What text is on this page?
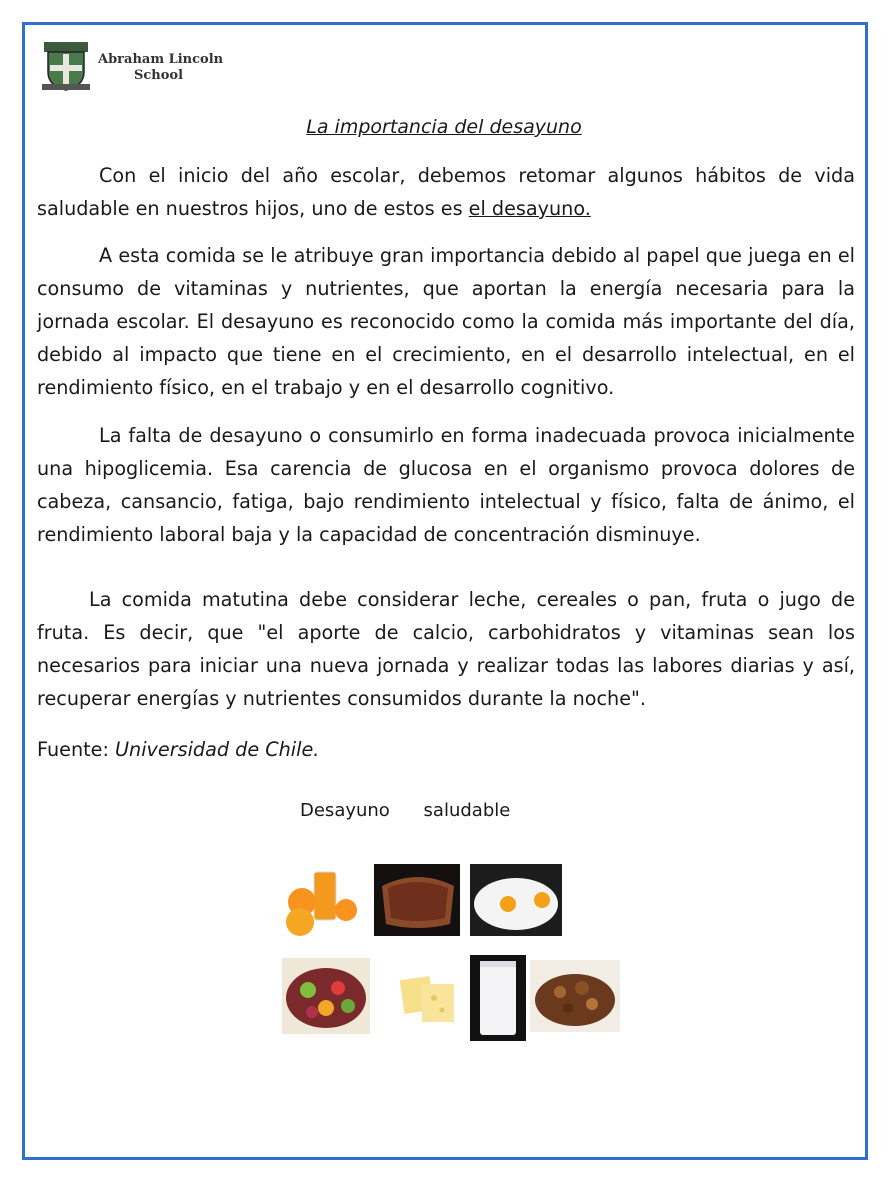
Abraham Lincoln
School
La importancia del desayuno
Con el inicio del año escolar, debemos retomar algunos hábitos de vida saludable en nuestros hijos, uno de estos es el desayuno.
A esta comida se le atribuye gran importancia debido al papel que juega en el consumo de vitaminas y nutrientes, que aportan la energía necesaria para la jornada escolar. El desayuno es reconocido como la comida más importante del día, debido al impacto que tiene en el crecimiento, en el desarrollo intelectual, en el rendimiento físico, en el trabajo y en el desarrollo cognitivo.
La falta de desayuno o consumirlo en forma inadecuada provoca inicialmente una hipoglicemia. Esa carencia de glucosa en el organismo provoca dolores de cabeza, cansancio, fatiga, bajo rendimiento intelectual y físico, falta de ánimo, el rendimiento laboral baja y la capacidad de concentración disminuye.
La comida matutina debe considerar leche, cereales o pan, fruta o jugo de fruta. Es decir, que "el aporte de calcio, carbohidratos y vitaminas sean los necesarios para iniciar una nueva jornada y realizar todas las labores diarias y así, recuperar energías y nutrientes consumidos durante la noche".
Fuente: Universidad de Chile.
Desayuno saludable
